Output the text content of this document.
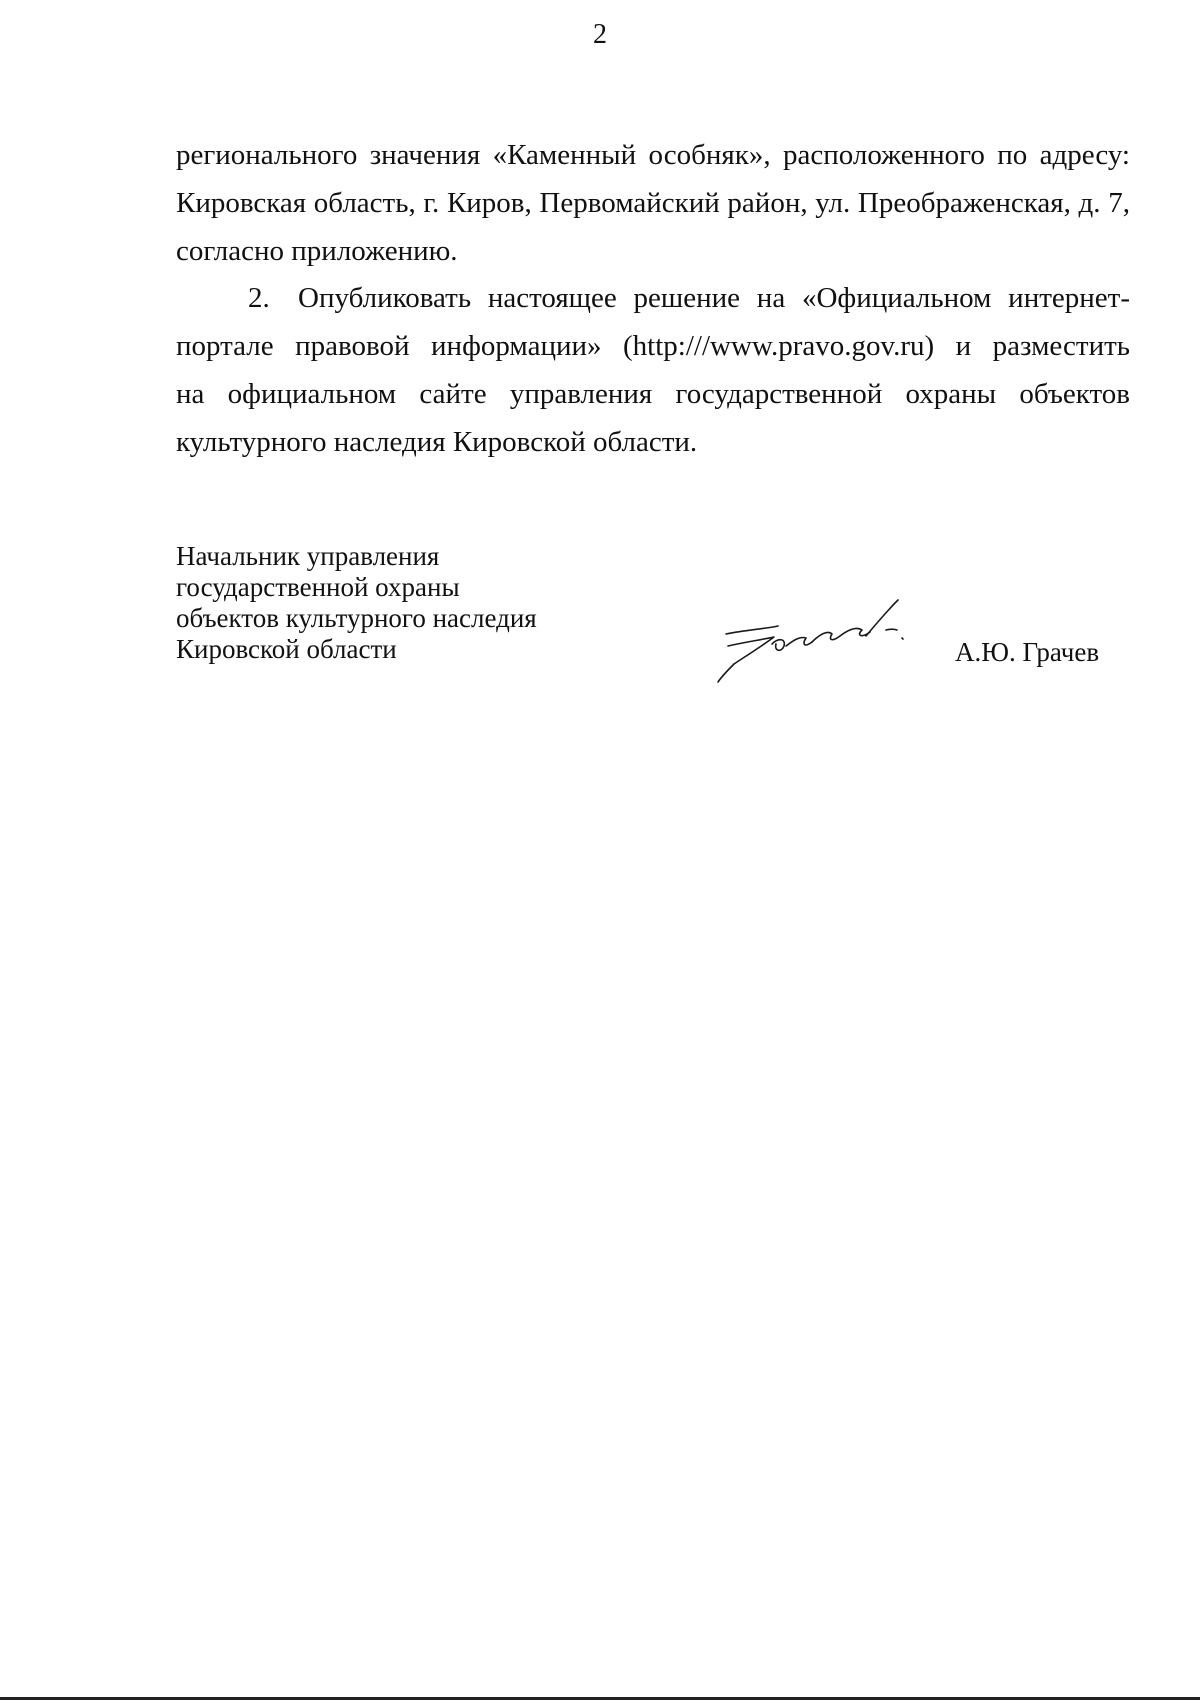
2

регионального значения «Каменный особняк», расположенного по адресу:
Кировская область, г. Киров, Первомайский район, ул. Преображенская, д. 7,
согласно приложению.

2. Опубликовать настоящее решение на «Официальном интернет-
портале правовой информации» (http:///www.pravo.gov.ru) и разместить
на официальном сайте управления государственной охраны объектов
культурного наследия Кировской области.

Начальник управления
государственной охраны
объектов культурного наследия
Кировской области	А.Ю. Грачев
